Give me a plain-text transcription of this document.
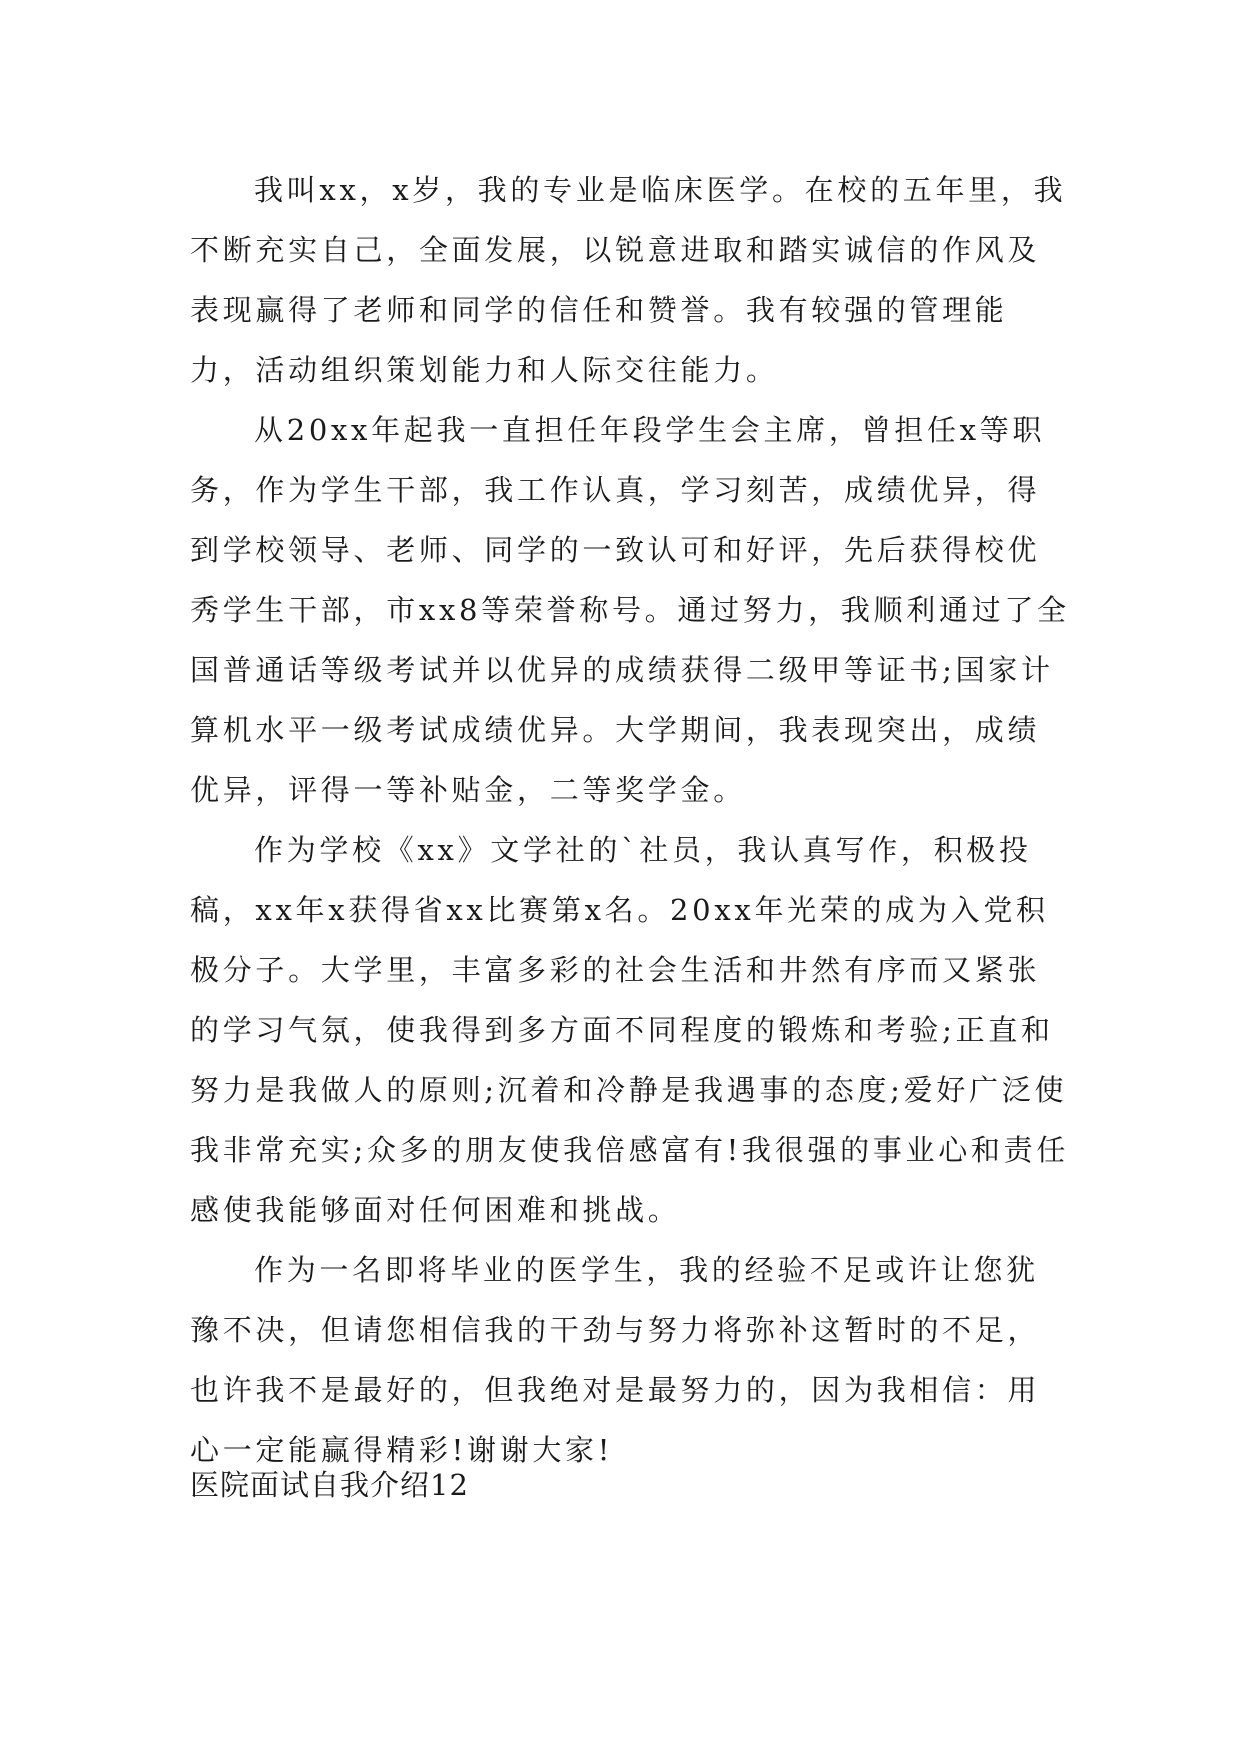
我叫xx，x岁，我的专业是临床医学。在校的五年里，我不断充实自己，全面发展，以锐意进取和踏实诚信的作风及表现赢得了老师和同学的信任和赞誉。我有较强的管理能力，活动组织策划能力和人际交往能力。

从20xx年起我一直担任年段学生会主席，曾担任x等职务，作为学生干部，我工作认真，学习刻苦，成绩优异，得到学校领导、老师、同学的一致认可和好评，先后获得校优秀学生干部，市xx8等荣誉称号。通过努力，我顺利通过了全国普通话等级考试并以优异的成绩获得二级甲等证书;国家计算机水平一级考试成绩优异。大学期间，我表现突出，成绩优异，评得一等补贴金，二等奖学金。

作为学校《xx》文学社的`社员，我认真写作，积极投稿，xx年x获得省xx比赛第x名。20xx年光荣的成为入党积极分子。大学里，丰富多彩的社会生活和井然有序而又紧张的学习气氛，使我得到多方面不同程度的锻炼和考验;正直和努力是我做人的原则;沉着和冷静是我遇事的态度;爱好广泛使我非常充实;众多的朋友使我倍感富有!我很强的事业心和责任感使我能够面对任何困难和挑战。

作为一名即将毕业的医学生，我的经验不足或许让您犹豫不决，但请您相信我的干劲与努力将弥补这暂时的不足，也许我不是最好的，但我绝对是最努力的，因为我相信：用心一定能赢得精彩!谢谢大家!

医院面试自我介绍12
